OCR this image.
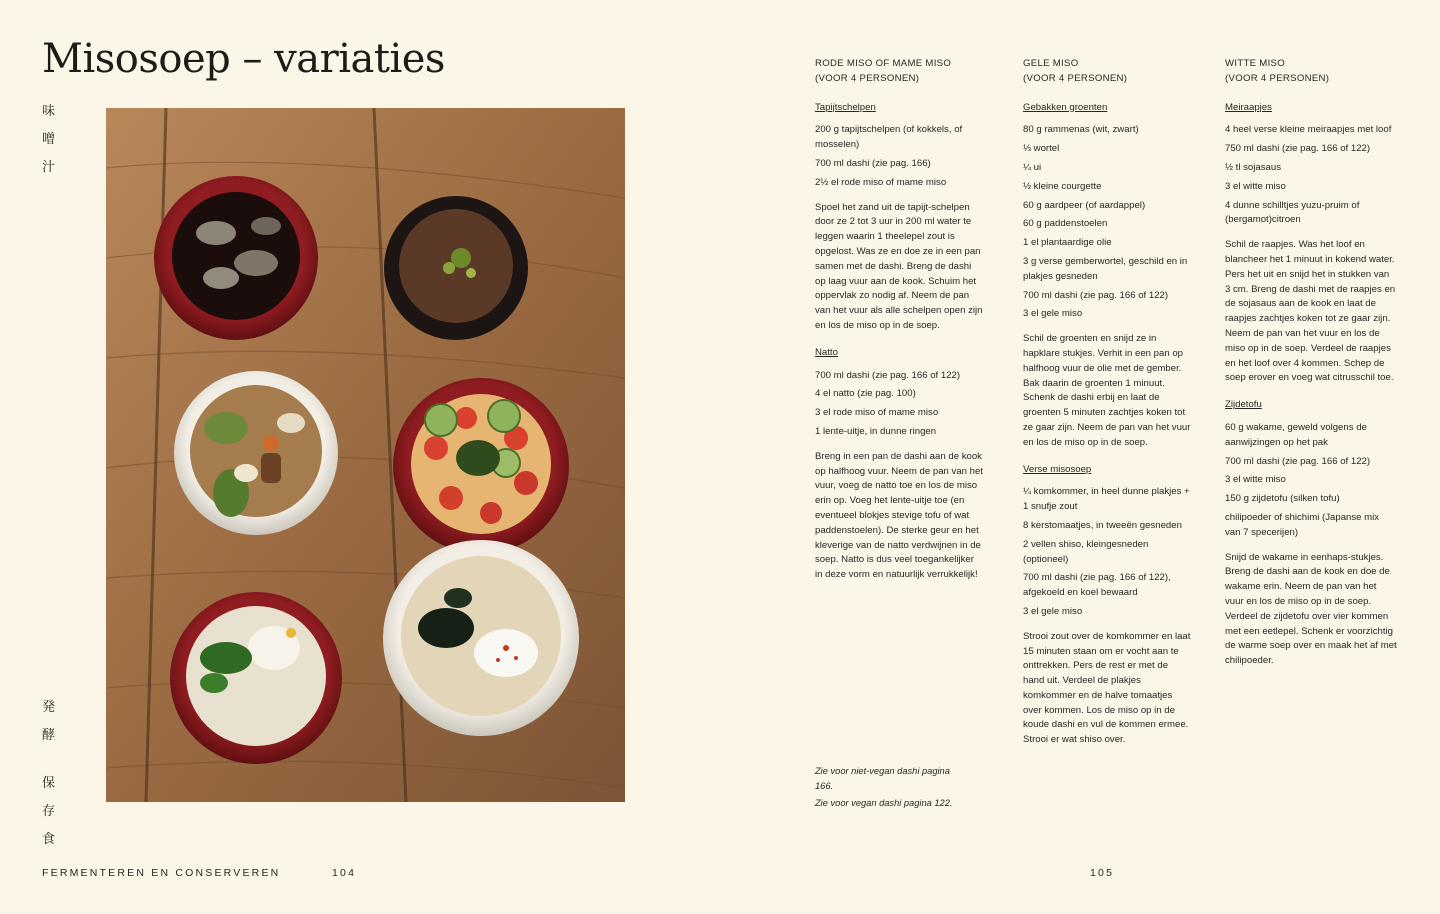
Misosoep – variaties
味
噌
汁
発
酵
保
存
食
FERMENTEREN EN CONSERVEREN	104	105
RODE MISO OF MAME MISO
(VOOR 4 PERSONEN)
Tapijtschelpen
200 g tapijtschelpen (of kokkels, of mosselen)
700 ml dashi (zie pag. 166)
2½ el rode miso of mame miso
Spoel het zand uit de tapijt-schelpen door ze 2 tot 3 uur in 200 ml water te leggen waarin 1 theelepel zout is opgelost. Was ze en doe ze in een pan samen met de dashi. Breng de dashi op laag vuur aan de kook. Schuim het oppervlak zo nodig af. Neem de pan van het vuur als alle schelpen open zijn en los de miso op in de soep.
Natto
700 ml dashi (zie pag. 166 of 122)
4 el natto (zie pag. 100)
3 el rode miso of mame miso
1 lente-uitje, in dunne ringen
Breng in een pan de dashi aan de kook op halfhoog vuur. Neem de pan van het vuur, voeg de natto toe en los de miso erin op. Voeg het lente-uitje toe (en eventueel blokjes stevige tofu of wat paddenstoelen). De sterke geur en het kleverige van de natto verdwijnen in de soep. Natto is dus veel toegankelijker in deze vorm en natuurlijk verrukkelijk!
Zie voor niet-vegan dashi pagina 166.
Zie voor vegan dashi pagina 122.
GELE MISO
(VOOR 4 PERSONEN)
Gebakken groenten
80 g rammenas (wit, zwart)
⅓ wortel
¼ ui
½ kleine courgette
60 g aardpeer (of aardappel)
60 g paddenstoelen
1 el plantaardige olie
3 g verse gemberwortel, geschild en in plakjes gesneden
700 ml dashi (zie pag. 166 of 122)
3 el gele miso
Schil de groenten en snijd ze in hapklare stukjes. Verhit in een pan op halfhoog vuur de olie met de gember. Bak daarin de groenten 1 minuut. Schenk de dashi erbij en laat de groenten 5 minuten zachtjes koken tot ze gaar zijn. Neem de pan van het vuur en los de miso op in de soep.
Verse misosoep
¼ komkommer, in heel dunne plakjes + 1 snufje zout
8 kerstomaatjes, in tweeën gesneden
2 vellen shiso, kleingesneden (optioneel)
700 ml dashi (zie pag. 166 of 122), afgekoeld en koel bewaard
3 el gele miso
Strooi zout over de komkommer en laat 15 minuten staan om er vocht aan te onttrekken. Pers de rest er met de hand uit. Verdeel de plakjes komkommer en de halve tomaatjes over kommen. Los de miso op in de koude dashi en vul de kommen ermee. Strooi er wat shiso over.
WITTE MISO
(VOOR 4 PERSONEN)
Meiraapjes
4 heel verse kleine meiraapjes met loof
750 ml dashi (zie pag. 166 of 122)
½ tl sojasaus
3 el witte miso
4 dunne schilltjes yuzu-pruim of (bergamot)citroen
Schil de raapjes. Was het loof en blancheer het 1 minuut in kokend water. Pers het uit en snijd het in stukken van 3 cm. Breng de dashi met de raapjes en de sojasaus aan de kook en laat de raapjes zachtjes koken tot ze gaar zijn. Neem de pan van het vuur en los de miso op in de soep. Verdeel de raapjes en het loof over 4 kommen. Schep de soep erover en voeg wat citrusschil toe.
Zijdetofu
60 g wakame, geweld volgens de aanwijzingen op het pak
700 ml dashi (zie pag. 166 of 122)
3 el witte miso
150 g zijdetofu (silken tofu)
chilipoeder of shichimi (Japanse mix van 7 specerijen)
Snijd de wakame in eenhaps-stukjes. Breng de dashi aan de kook en doe de wakame erin. Neem de pan van het vuur en los de miso op in de soep. Verdeel de zijdetofu over vier kommen met een eetlepel. Schenk er voorzichtig de warme soep over en maak het af met chilipoeder.
